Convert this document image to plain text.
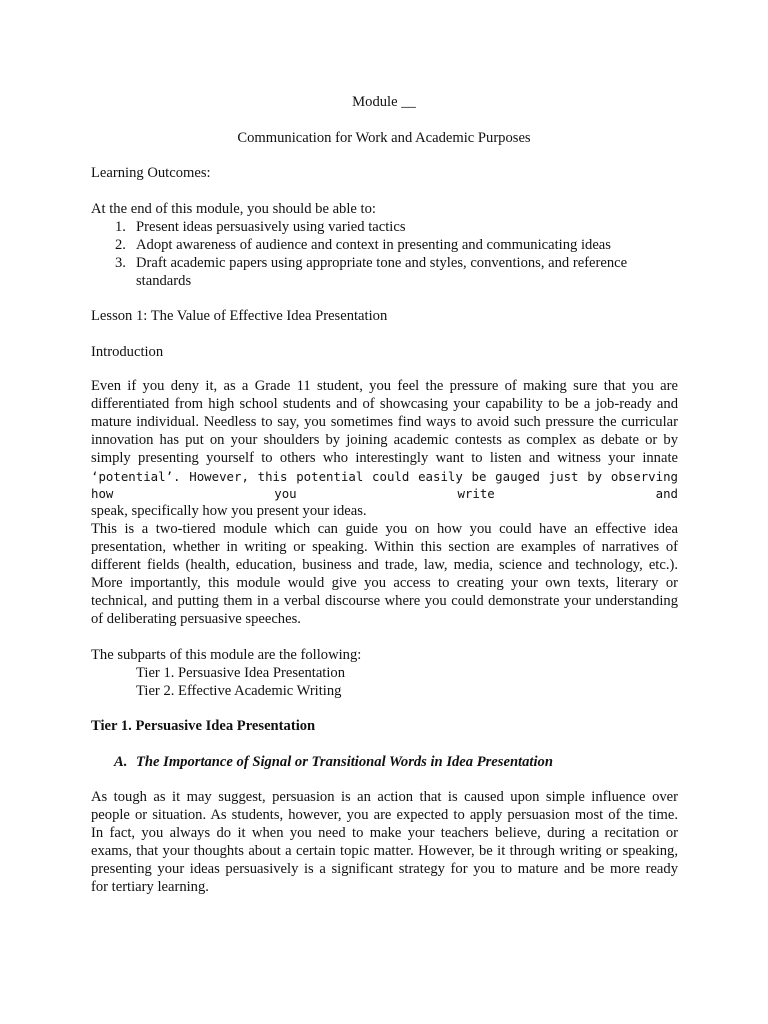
Module __
Communication for Work and Academic Purposes
Learning Outcomes:
At the end of this module, you should be able to:
1. Present ideas persuasively using varied tactics
2. Adopt awareness of audience and context in presenting and communicating ideas
3. Draft academic papers using appropriate tone and styles, conventions, and reference
standards
Lesson 1: The Value of Effective Idea Presentation
Introduction

Even if you deny it, as a Grade 11 student, you feel the pressure of making sure that you are

differentiated from high school students and of showcasing your capability to be a job-ready and

mature individual. Needless to say, you sometimes find ways to avoid such pressure the curricular

innovation has put on your shoulders by joining academic contests as complex as debate or by

simply presenting yourself to others who interestingly want to listen and witness your innate

‘potential’. However, this potential could easily be gauged just by observing how you write and

speak, specifically how you present your ideas.

This is a two-tiered module which can guide you on how you could have an effective idea

presentation, whether in writing or speaking. Within this section are examples of narratives of

different fields (health, education, business and trade, law, media, science and technology, etc.).

More importantly, this module would give you access to creating your own texts, literary or

technical, and putting them in a verbal discourse where you could demonstrate your understanding

of deliberating persuasive speeches.

The subparts of this module are the following:
Tier 1. Persuasive Idea Presentation
Tier 2. Effective Academic Writing
Tier 1. Persuasive Idea Presentation
A. The Importance of Signal or Transitional Words in Idea Presentation

As tough as it may suggest, persuasion is an action that is caused upon simple influence over

people or situation. As students, however, you are expected to apply persuasion most of the time.

In fact, you always do it when you need to make your teachers believe, during a recitation or

exams, that your thoughts about a certain topic matter. However, be it through writing or speaking,

presenting your ideas persuasively is a significant strategy for you to mature and be more ready

for tertiary learning.
